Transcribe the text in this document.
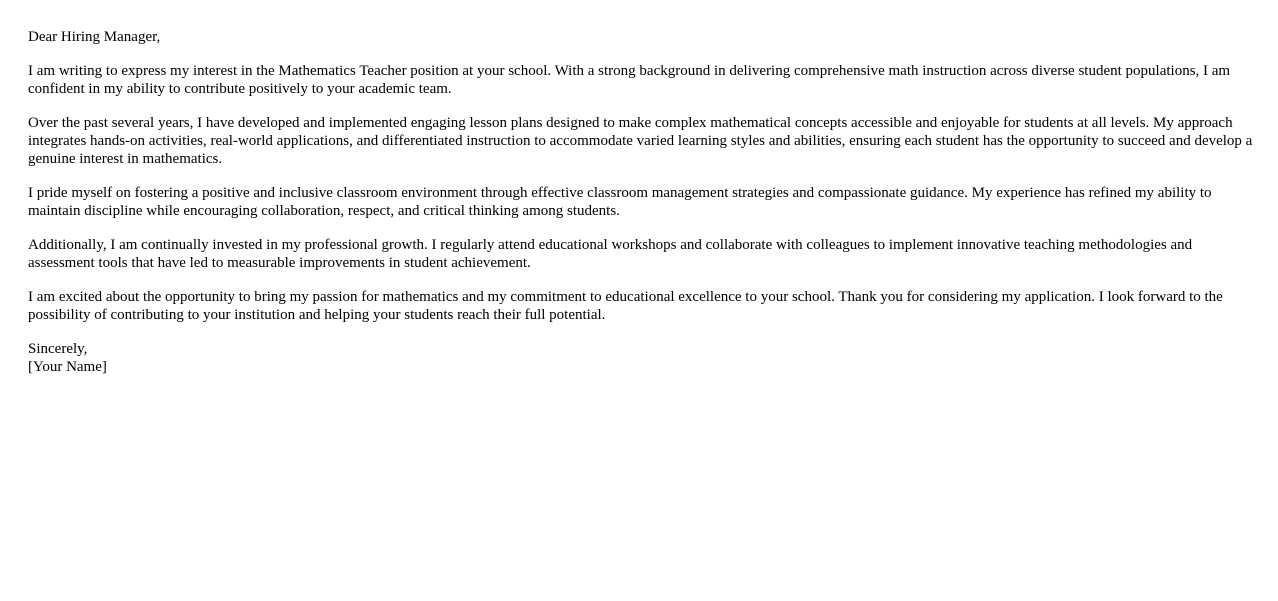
Dear Hiring Manager,

I am writing to express my interest in the Mathematics Teacher position at your school. With a strong background in delivering comprehensive math instruction across diverse student populations, I am confident in my ability to contribute positively to your academic team.

Over the past several years, I have developed and implemented engaging lesson plans designed to make complex mathematical concepts accessible and enjoyable for students at all levels. My approach integrates hands-on activities, real-world applications, and differentiated instruction to accommodate varied learning styles and abilities, ensuring each student has the opportunity to succeed and develop a genuine interest in mathematics.

I pride myself on fostering a positive and inclusive classroom environment through effective classroom management strategies and compassionate guidance. My experience has refined my ability to maintain discipline while encouraging collaboration, respect, and critical thinking among students.

Additionally, I am continually invested in my professional growth. I regularly attend educational workshops and collaborate with colleagues to implement innovative teaching methodologies and assessment tools that have led to measurable improvements in student achievement.

I am excited about the opportunity to bring my passion for mathematics and my commitment to educational excellence to your school. Thank you for considering my application. I look forward to the possibility of contributing to your institution and helping your students reach their full potential.

Sincerely,
[Your Name]
